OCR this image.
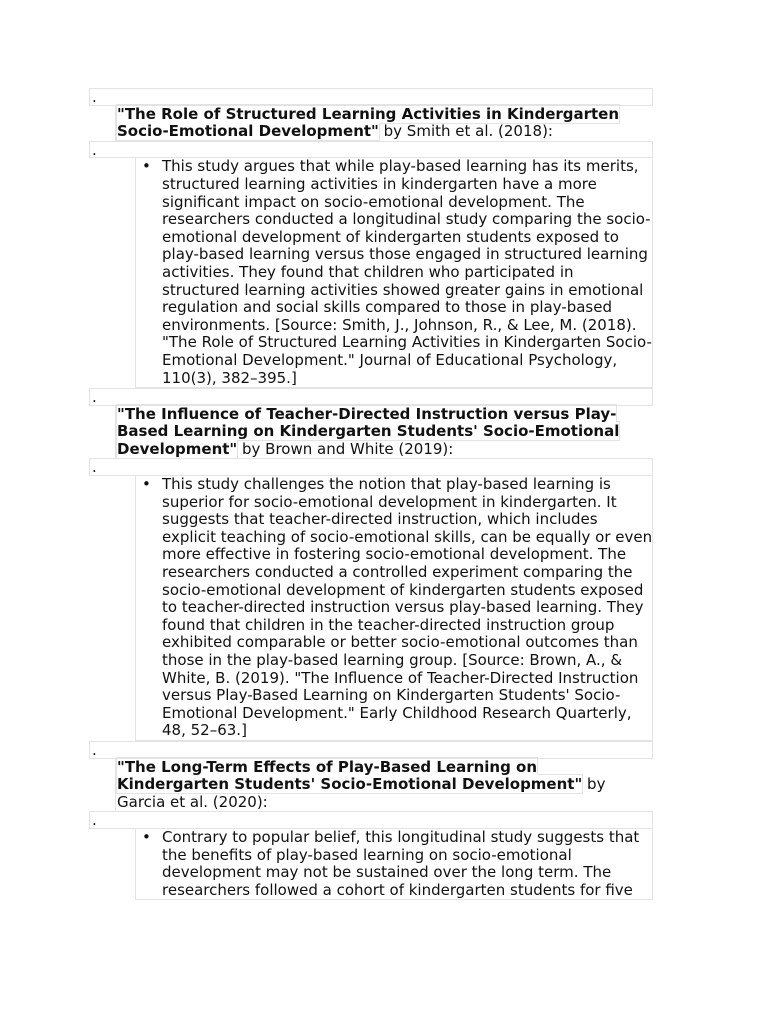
.
"The Role of Structured Learning Activities in Kindergarten Socio-Emotional Development" by Smith et al. (2018):
.
• This study argues that while play-based learning has its merits, structured learning activities in kindergarten have a more significant impact on socio-emotional development. The researchers conducted a longitudinal study comparing the socio-emotional development of kindergarten students exposed to play-based learning versus those engaged in structured learning activities. They found that children who participated in structured learning activities showed greater gains in emotional regulation and social skills compared to those in play-based environments. [Source: Smith, J., Johnson, R., & Lee, M. (2018). "The Role of Structured Learning Activities in Kindergarten Socio-Emotional Development." Journal of Educational Psychology, 110(3), 382–395.]
.
"The Influence of Teacher-Directed Instruction versus Play-Based Learning on Kindergarten Students' Socio-Emotional Development" by Brown and White (2019):
.
• This study challenges the notion that play-based learning is superior for socio-emotional development in kindergarten. It suggests that teacher-directed instruction, which includes explicit teaching of socio-emotional skills, can be equally or even more effective in fostering socio-emotional development. The researchers conducted a controlled experiment comparing the socio-emotional development of kindergarten students exposed to teacher-directed instruction versus play-based learning. They found that children in the teacher-directed instruction group exhibited comparable or better socio-emotional outcomes than those in the play-based learning group. [Source: Brown, A., & White, B. (2019). "The Influence of Teacher-Directed Instruction versus Play-Based Learning on Kindergarten Students' Socio-Emotional Development." Early Childhood Research Quarterly, 48, 52–63.]
.
"The Long-Term Effects of Play-Based Learning on Kindergarten Students' Socio-Emotional Development" by Garcia et al. (2020):
.
• Contrary to popular belief, this longitudinal study suggests that the benefits of play-based learning on socio-emotional development may not be sustained over the long term. The researchers followed a cohort of kindergarten students for five
